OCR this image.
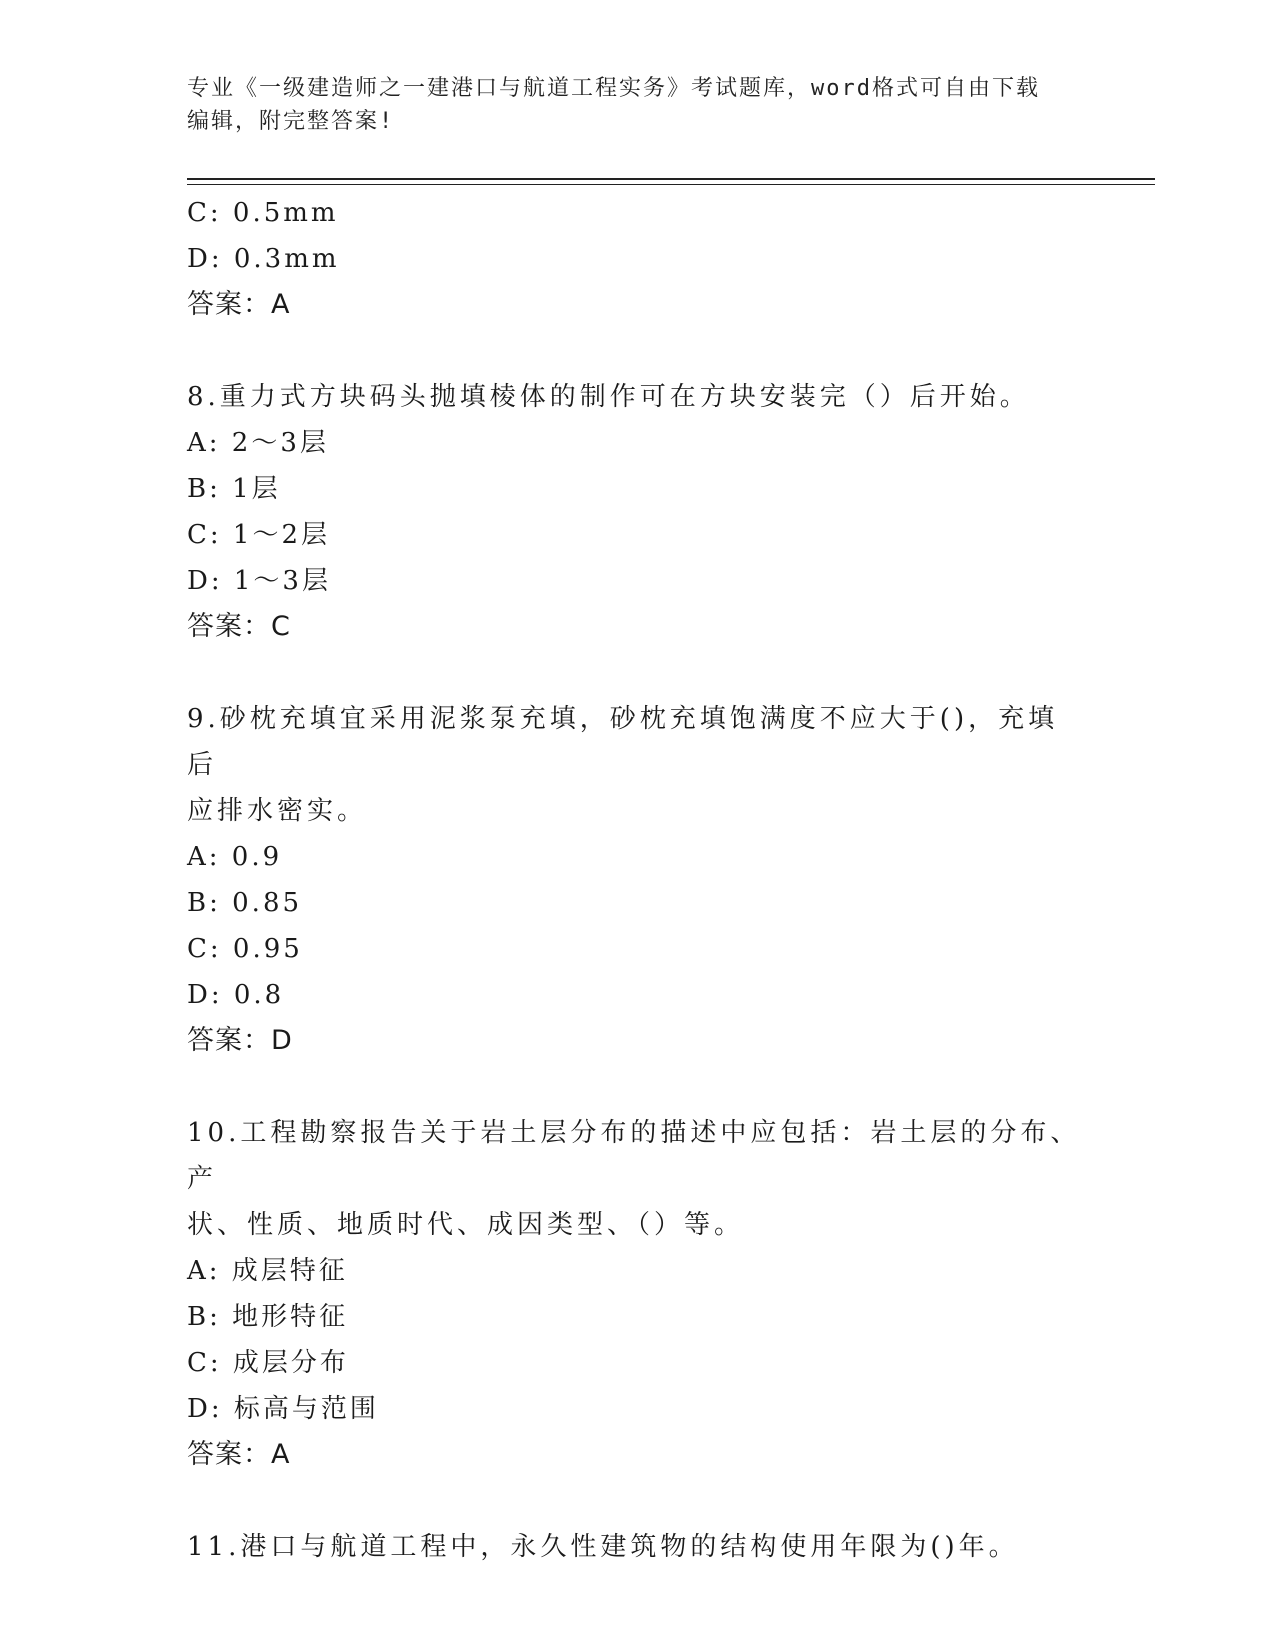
专业《一级建造师之一建港口与航道工程实务》考试题库，word格式可自由下载
编辑，附完整答案!
C: 0.5mm
D: 0.3mm
答案：A
8.重力式方块码头抛填棱体的制作可在方块安装完（）后开始。
A: 2～3层
B: 1层
C: 1～2层
D: 1～3层
答案：C
9.砂枕充填宜采用泥浆泵充填，砂枕充填饱满度不应大于()，充填后
应排水密实。
A: 0.9
B: 0.85
C: 0.95
D: 0.8
答案：D
10.工程勘察报告关于岩土层分布的描述中应包括：岩土层的分布、产
状、性质、地质时代、成因类型、（）等。
A: 成层特征
B: 地形特征
C: 成层分布
D: 标高与范围
答案：A
11.港口与航道工程中，永久性建筑物的结构使用年限为()年。
